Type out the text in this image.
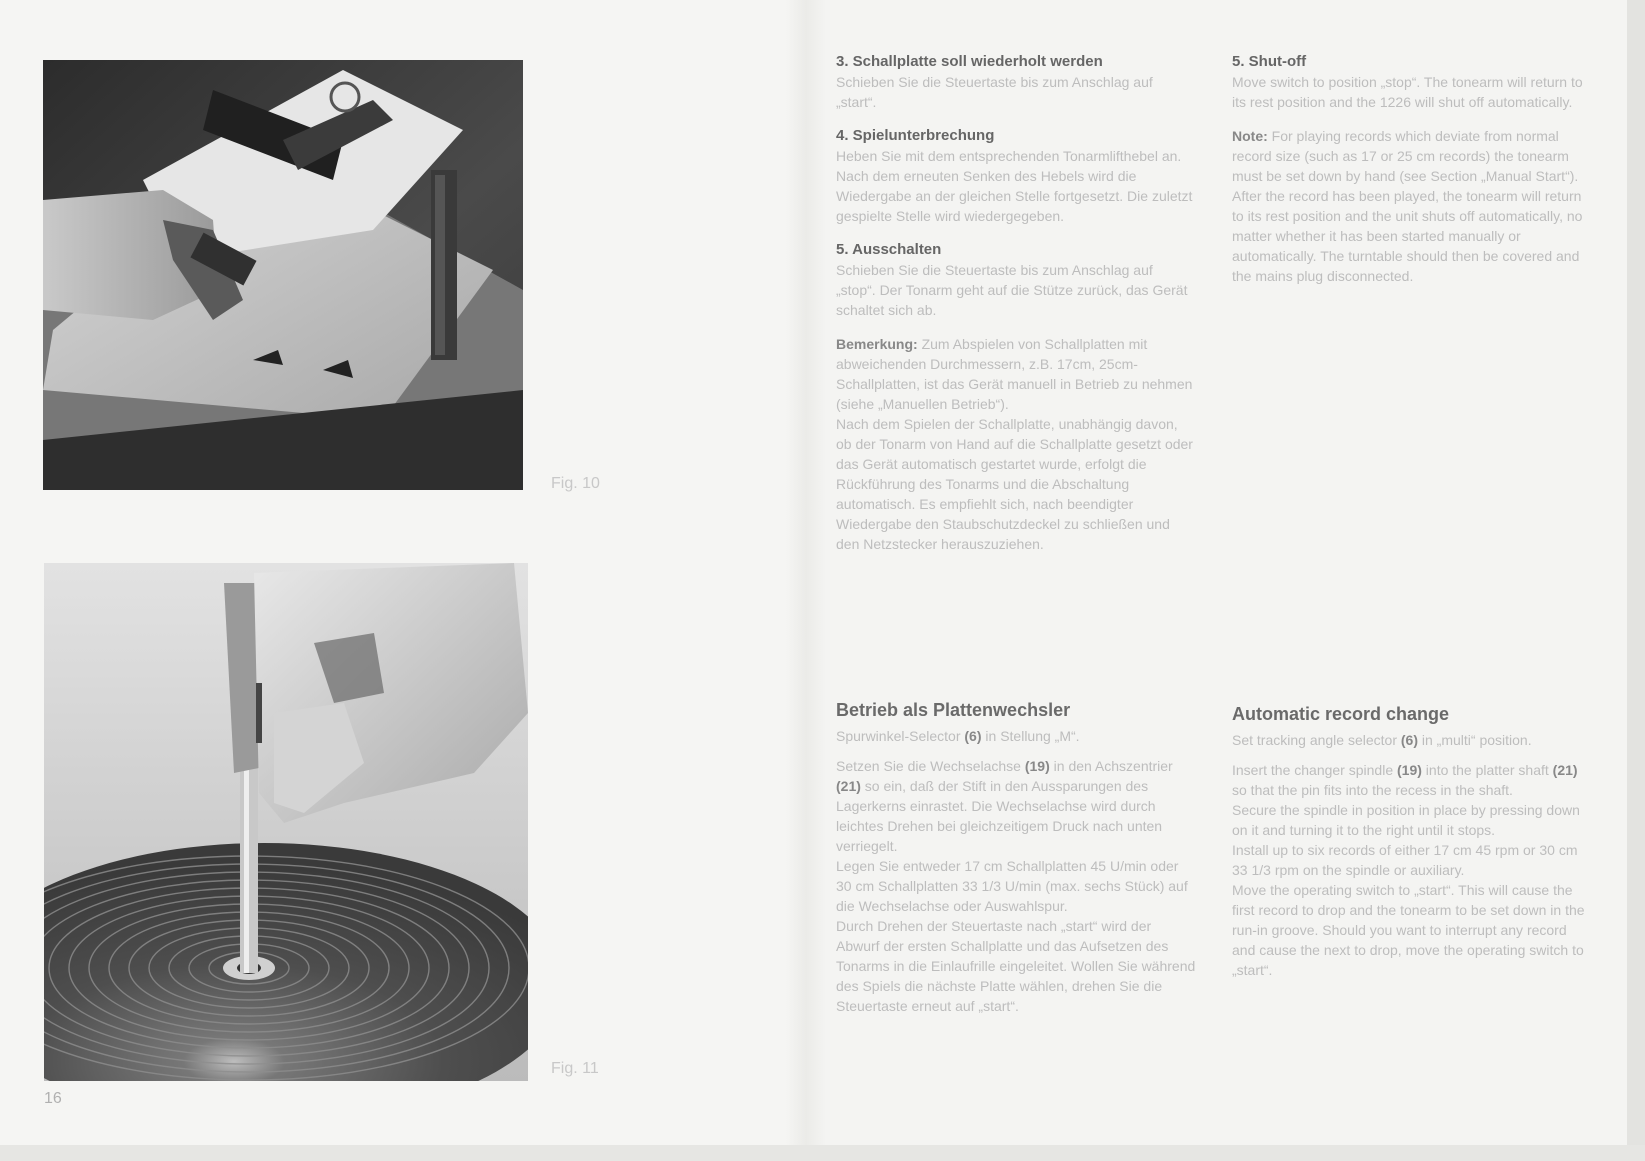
Fig. 10
Fig. 11
16
3. Schallplatte soll wiederholt werden

Schieben Sie die Steuertaste bis zum Anschlag auf „start“.

4. Spielunterbrechung

Heben Sie mit dem entsprechenden Tonarmlifthebel an. Nach dem erneuten Senken des Hebels wird die Wiedergabe an der gleichen Stelle fortgesetzt. Die zuletzt gespielte Stelle wird wiedergegeben.

5. Ausschalten

Schieben Sie die Steuertaste bis zum Anschlag auf „stop“. Der Tonarm geht auf die Stütze zurück, das Gerät schaltet sich ab.

Bemerkung: Zum Abspielen von Schallplatten mit abweichenden Durchmessern, z.B. 17cm, 25cm-Schallplatten, ist das Gerät manuell in Betrieb zu nehmen (siehe „Manuellen Betrieb“).

Nach dem Spielen der Schallplatte, unabhängig davon, ob der Tonarm von Hand auf die Schallplatte gesetzt oder das Gerät automatisch gestartet wurde, erfolgt die Rückführung des Tonarms und die Abschaltung automatisch. Es empfiehlt sich, nach beendigter Wiedergabe den Staubschutzdeckel zu schließen und den Netzstecker herauszuziehen.

5. Shut-off

Move switch to position „stop“. The tonearm will return to its rest position and the 1226 will shut off automatically.

Note: For playing records which deviate from normal record size (such as 17 or 25 cm records) the tonearm must be set down by hand (see Section „Manual Start“).

After the record has been played, the tonearm will return to its rest position and the unit shuts off automatically, no matter whether it has been started manually or automatically. The turntable should then be covered and the mains plug disconnected.

Betrieb als Plattenwechsler

Spurwinkel-Selector (6) in Stellung „M“.

Setzen Sie die Wechselachse (19) in den Achszentrier (21) so ein, daß der Stift in den Aussparungen des Lagerkerns einrastet. Die Wechselachse wird durch leichtes Drehen bei gleichzeitigem Druck nach unten verriegelt.

Legen Sie entweder 17 cm Schallplatten 45 U/min oder 30 cm Schallplatten 33 1/3 U/min (max. sechs Stück) auf die Wechselachse oder Auswahlspur.

Durch Drehen der Steuertaste nach „start“ wird der Abwurf der ersten Schallplatte und das Aufsetzen des Tonarms in die Einlaufrille eingeleitet. Wollen Sie während des Spiels die nächste Platte wählen, drehen Sie die Steuertaste erneut auf „start“.

Automatic record change

Set tracking angle selector (6) in „multi“ position.

Insert the changer spindle (19) into the platter shaft (21) so that the pin fits into the recess in the shaft.

Secure the spindle in position in place by pressing down on it and turning it to the right until it stops.

Install up to six records of either 17 cm 45 rpm or 30 cm 33 1/3 rpm on the spindle or auxiliary.

Move the operating switch to „start“. This will cause the first record to drop and the tonearm to be set down in the run-in groove. Should you want to interrupt any record and cause the next to drop, move the operating switch to „start“.
